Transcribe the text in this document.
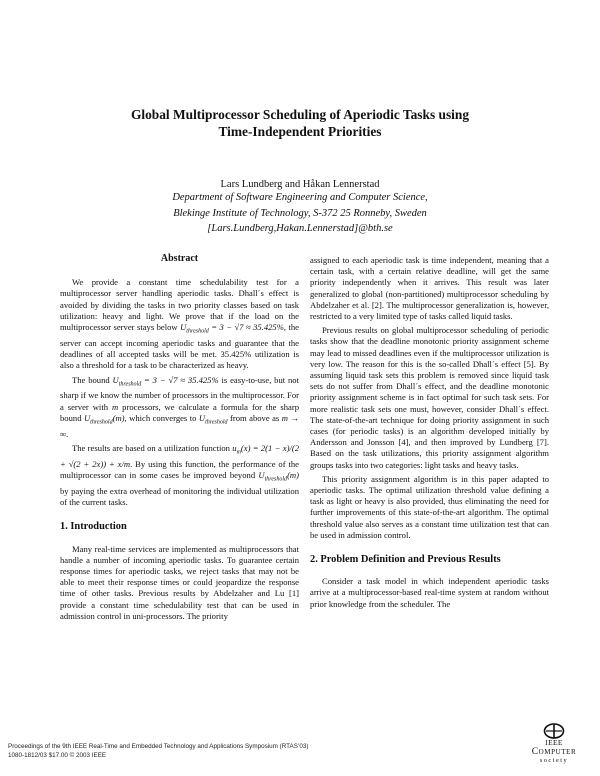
Global Multiprocessor Scheduling of Aperiodic Tasks using
Time-Independent Priorities
Lars Lundberg and Håkan Lennerstad
Department of Software Engineering and Computer Science,
Blekinge Institute of Technology, S-372 25 Ronneby, Sweden
[Lars.Lundberg,Hakan.Lennerstad]@bth.se
Abstract

We provide a constant time schedulability test for a multiprocessor server handling aperiodic tasks. Dhall´s effect is avoided by dividing the tasks in two priority classes based on task utilization: heavy and light. We prove that if the load on the multiprocessor server stays below $U_{threshold} = 3 - √7 \approx 35.425\%$, the server can accept incoming aperiodic tasks and guarantee that the deadlines of all accepted tasks will be met. 35.425% utilization is also a threshold for a task to be characterized as heavy.

The bound $U_{threshold} = 3 - √7 \approx 35.425\%$ is easy-to-use, but not sharp if we know the number of processors in the multiprocessor. For a server with m processors, we calculate a formula for the sharp bound $U_{threshold}(m)$, which converges to $U_{threshold}$ from above as m → ∞.

The results are based on a utilization function $u_m(x) = 2(1 - x)/(2 + √(2 + 2x)) + x/m$. By using this function, the performance of the multiprocessor can in some cases be improved beyond $U_{threshold}(m)$ by paying the extra overhead of monitoring the individual utilization of the current tasks.

1. Introduction

Many real-time services are implemented as multiprocessors that handle a number of incoming aperiodic tasks. To guarantee certain response times for aperiodic tasks, we reject tasks that may not be able to meet their response times or could jeopardize the response time of other tasks. Previous results by Abdelzaher and Lu [1] provide a constant time schedulability test that can be used in admission control in uni-processors. The priority

assigned to each aperiodic task is time independent, meaning that a certain task, with a certain relative deadline, will get the same priority independently when it arrives. This result was later generalized to global (non-partitioned) multiprocessor scheduling by Abdelzaher et al. [2]. The multiprocessor generalization is, however, restricted to a very limited type of tasks called liquid tasks.

Previous results on global multiprocessor scheduling of periodic tasks show that the deadline monotonic priority assignment scheme may lead to missed deadlines even if the multiprocessor utilization is very low. The reason for this is the so-called Dhall´s effect [5]. By assuming liquid task sets this problem is removed since liquid task sets do not suffer from Dhall´s effect, and the deadline monotonic priority assignment scheme is in fact optimal for such task sets. For more realistic task sets one must, however, consider Dhall´s effect. The state-of-the-art technique for doing priority assignment in such cases (for periodic tasks) is an algorithm developed initially by Andersson and Jonsson [4], and then improved by Lundberg [7]. Based on the task utilizations, this priority assignment algorithm groups tasks into two categories: light tasks and heavy tasks.

This priority assignment algorithm is in this paper adapted to aperiodic tasks. The optimal utilization threshold value defining a task as light or heavy is also provided, thus eliminating the need for further improvements of this state-of-the-art algorithm. The optimal threshold value also serves as a constant time utilization test that can be used in admission control.

2. Problem Definition and Previous Results

Consider a task model in which independent aperiodic tasks arrive at a multiprocessor-based real-time system at random without prior knowledge from the scheduler. The

Proceedings of the 9th IEEE Real-Time and Embedded Technology and Applications Symposium (RTAS’03)
1080-1812/03 $17.00 © 2003 IEEE
IEEE
Computer
society
